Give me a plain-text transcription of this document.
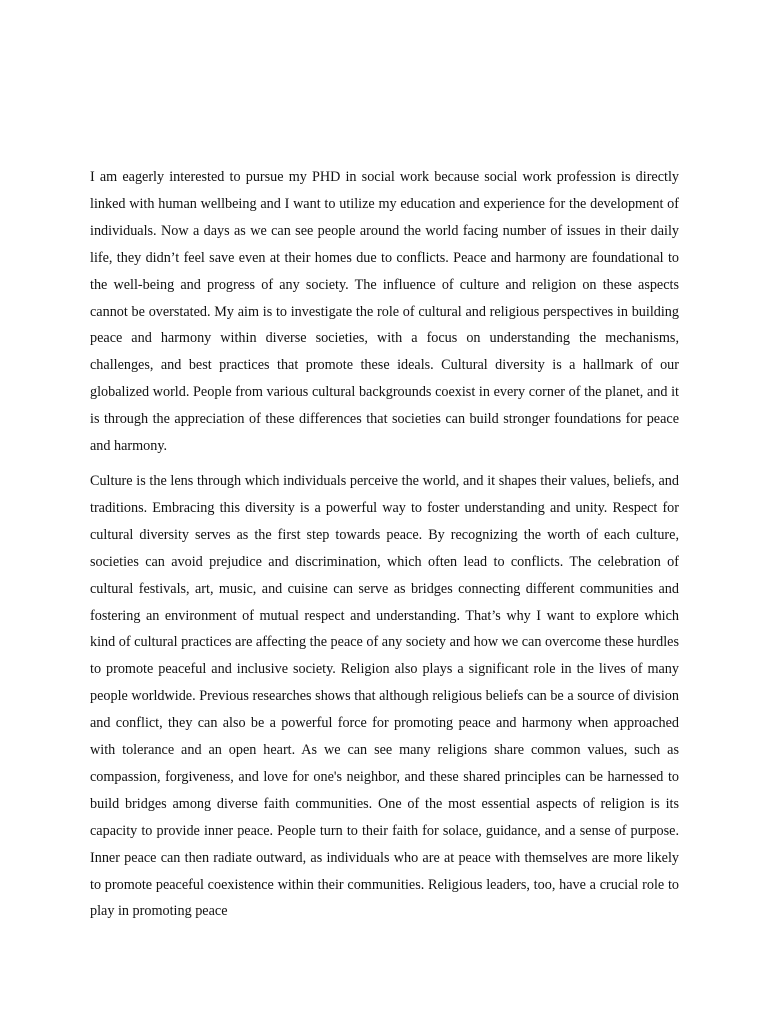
I am eagerly interested to pursue my PHD in social work because social work profession is directly linked with human wellbeing and I want to utilize my education and experience for the development of individuals. Now a days as we can see people around the world facing number of issues in their daily life, they didn’t feel save even at their homes due to conflicts. Peace and harmony are foundational to the well-being and progress of any society. The influence of culture and religion on these aspects cannot be overstated. My aim is to investigate the role of cultural and religious perspectives in building peace and harmony within diverse societies, with a focus on understanding the mechanisms, challenges, and best practices that promote these ideals. Cultural diversity is a hallmark of our globalized world. People from various cultural backgrounds coexist in every corner of the planet, and it is through the appreciation of these differences that societies can build stronger foundations for peace and harmony.

Culture is the lens through which individuals perceive the world, and it shapes their values, beliefs, and traditions. Embracing this diversity is a powerful way to foster understanding and unity. Respect for cultural diversity serves as the first step towards peace. By recognizing the worth of each culture, societies can avoid prejudice and discrimination, which often lead to conflicts. The celebration of cultural festivals, art, music, and cuisine can serve as bridges connecting different communities and fostering an environment of mutual respect and understanding. That’s why I want to explore which kind of cultural practices are affecting the peace of any society and how we can overcome these hurdles to promote peaceful and inclusive society. Religion also plays a significant role in the lives of many people worldwide. Previous researches shows that although religious beliefs can be a source of division and conflict, they can also be a powerful force for promoting peace and harmony when approached with tolerance and an open heart. As we can see many religions share common values, such as compassion, forgiveness, and love for one's neighbor, and these shared principles can be harnessed to build bridges among diverse faith communities. One of the most essential aspects of religion is its capacity to provide inner peace. People turn to their faith for solace, guidance, and a sense of purpose. Inner peace can then radiate outward, as individuals who are at peace with themselves are more likely to promote peaceful coexistence within their communities. Religious leaders, too, have a crucial role to play in promoting peace
